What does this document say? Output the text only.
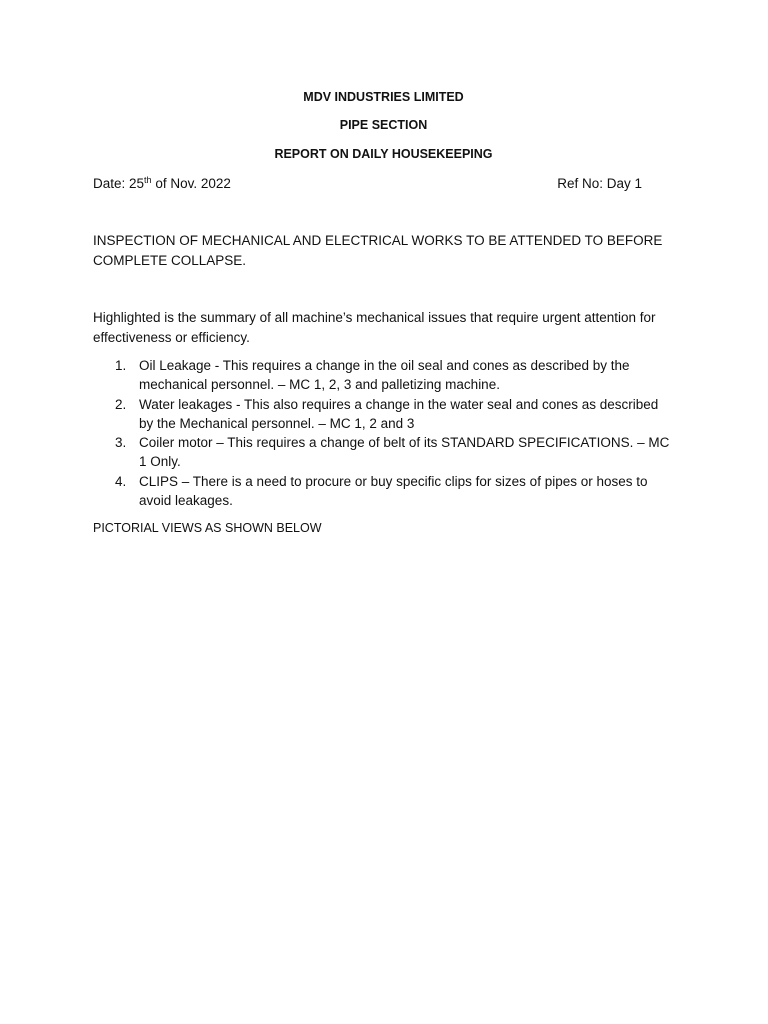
MDV INDUSTRIES LIMITED
PIPE SECTION
REPORT ON DAILY HOUSEKEEPING
Date: 25th of Nov. 2022	Ref No: Day 1
INSPECTION OF MECHANICAL AND ELECTRICAL WORKS TO BE ATTENDED TO BEFORE COMPLETE COLLAPSE.
Highlighted is the summary of all machine’s mechanical issues that require urgent attention for effectiveness or efficiency.
1. Oil Leakage - This requires a change in the oil seal and cones as described by the mechanical personnel. – MC 1, 2, 3 and palletizing machine.
2. Water leakages - This also requires a change in the water seal and cones as described by the Mechanical personnel. – MC 1, 2 and 3
3. Coiler motor – This requires a change of belt of its STANDARD SPECIFICATIONS. – MC 1 Only.
4. CLIPS – There is a need to procure or buy specific clips for sizes of pipes or hoses to avoid leakages.
PICTORIAL VIEWS AS SHOWN BELOW
